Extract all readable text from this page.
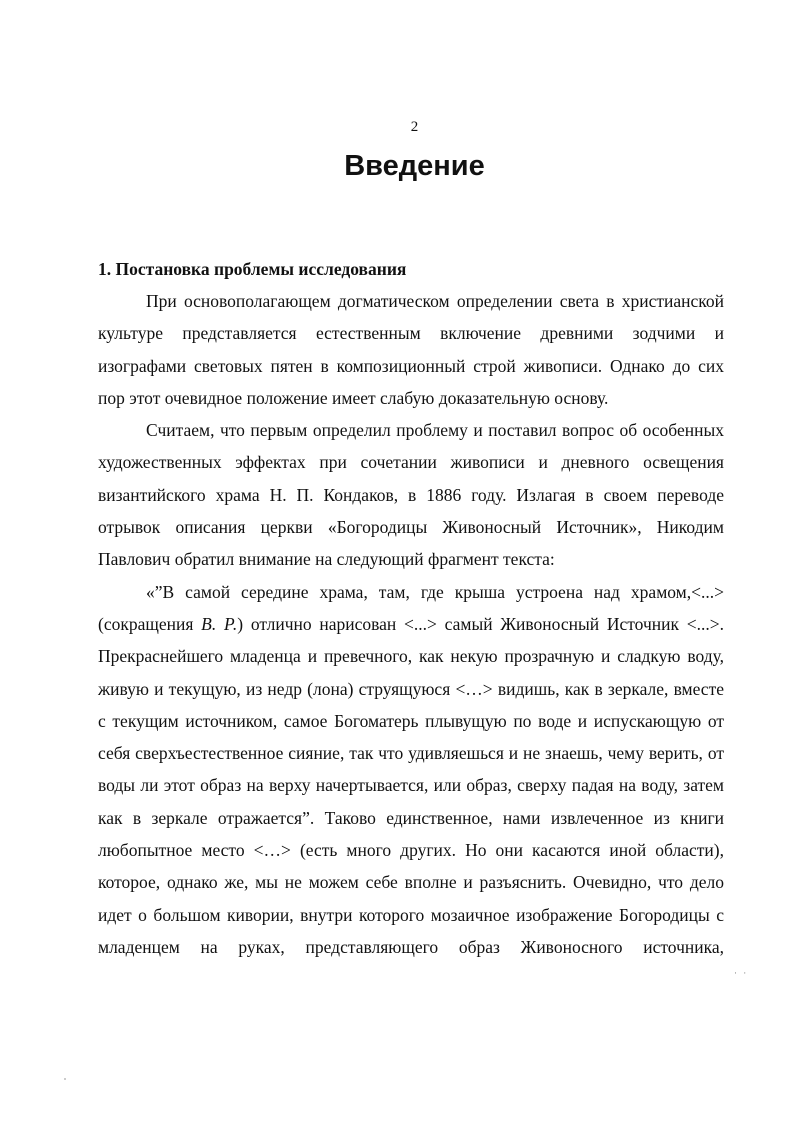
2
Введение
1. Постановка проблемы исследования

При основополагающем догматическом определении света в христианской культуре представляется естественным включение древними зодчими и изографами световых пятен в композиционный строй живописи. Однако до сих пор этот очевидное положение имеет слабую доказательную основу.

Считаем, что первым определил проблему и поставил вопрос об особенных художественных эффектах при сочетании живописи и дневного освещения византийского храма Н. П. Кондаков, в 1886 году. Излагая в своем переводе отрывок описания церкви «Богородицы Живоносный Источник», Никодим Павлович обратил внимание на следующий фрагмент текста:

«”В самой середине храма, там, где крыша устроена над храмом,<...> (сокращения В. Р.) отлично нарисован <...> самый Живоносный Источник <...>. Прекраснейшего младенца и превечного, как некую прозрачную и сладкую воду, живую и текущую, из недр (лона) струящуюся <…> видишь, как в зеркале, вместе с текущим источником, самое Богоматерь плывущую по воде и испускающую от себя сверхъестественное сияние, так что удивляешься и не знаешь, чему верить, от воды ли этот образ на верху начертывается, или образ, сверху падая на воду, затем как в зеркале отражается”. Таково единственное, нами извлеченное из книги любопытное место <…> (есть много других. Но они касаются иной области), которое, однако же, мы не можем себе вполне и разъяснить. Очевидно, что дело идет о большом кивории, внутри которого мозаичное изображение Богородицы с младенцем на руках, представляющего образ Живоносного источника,

· ·
